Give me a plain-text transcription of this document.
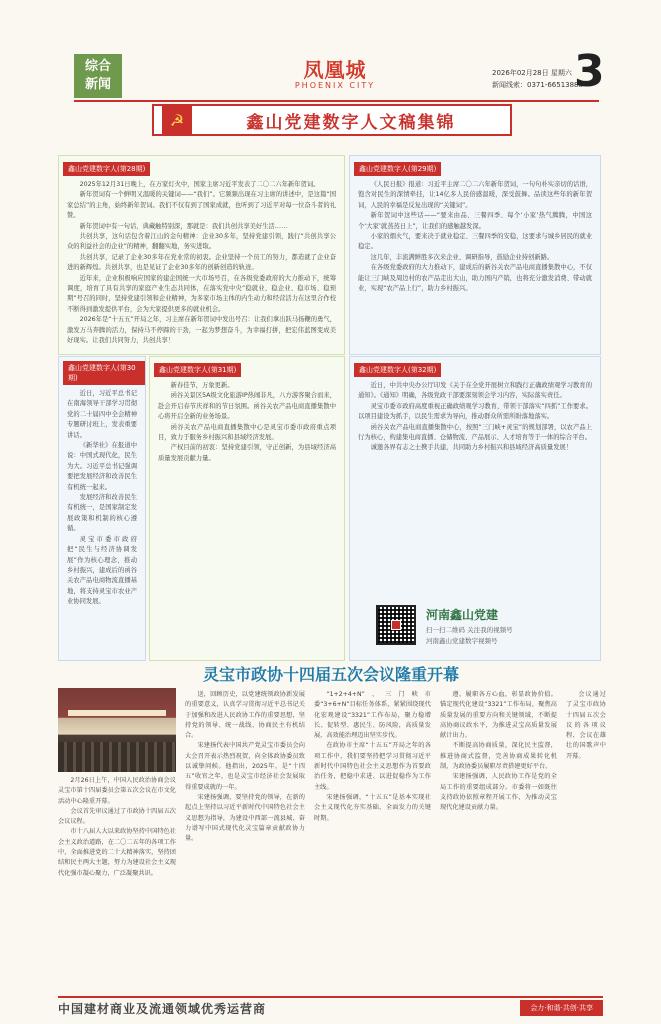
综合
新闻
凤凰城
PHOENIX CITY
2026年02月28日 星期六
新闻线索：0371-66513888
3
☭	鑫山党建数字人文稿集锦
鑫山党建数字人(第28期)

2025年12月31日晚上，在万家灯火中，国家主席习近平发表了二〇二六年新年贺词。

新年贺词有一个鲜明又温暖的关键词——“我们”。它频频出现在习主席的讲述中，是这篇“国家总结”的主角，始终新年贺词。我们不仅有到了国家成就，也听到了习近平对每一位奋斗者的礼赞。

新年贺词中有一句话，典藏触特别深，那就是：我们共创共享美好生活……

共创共享，这句话包含着江山的金句精神：企业30多年，坚持党建引领，践行“共创共享公众的利益社会的企业”的精神，翻翻实地，务实进取。

共创共享，记录了企业30多年在党业常的初衷。企业坚持一个员工的努力，都造就了企业奋进的新辉煌。共创共享，也是见证了企业30多年的创新创造的轨迹。

近年来，企业积极响应国家的建企国统一大市场号召，在各级党委政府的大力推动下，统筹调度，培育了具有共享的家庭产业生态共同体，在落实党中央“稳就业、稳企业、稳市场、稳预期”号召的同时，坚持党建引领和企业精神，为多家市场主体的内生动力和经营活力在这里合作校不断得到激发提供平台，会为大家提供更多的就业机会。

2026年是“十五五”开局之年，习主席在新年贺词中发出号召：让我们拿出跃马扬鞭的勇气，激发万马奔腾的活力，保持马不停蹄的干劲，一起为梦想奋斗，为幸福打拼，把宏伟蓝图变成美好现实。让我们共同努力，共创共享！

鑫山党建数字人(第29期)

《人民日报》报道：习近平主席二〇二六年新年贺词，一句句朴实亲切的话语，饱含对民生的深情牵挂，让14亿多人民倍感温暖，深受鼓舞。品读这些年的新年贺词，人民的幸福是反复出现的“关键词”。

新年贺词中这些话——“要来由品、三餐四季、每个‘小家’热气腾腾，中国这个‘大家’就蒸蒸日上”，让我们的感触越发深。

小家的烟火气，要来决于就业稳定、三餐四季的安稳，这要求与城乡居民的就业稳定。

这几年，丰流满鲜胜多次来企业、调研指导，鼓励企业持创新路。

在各级党委政府的大力推动下，建成后的新谷关农产品电商直播集散中心，不仅能让三门峡及周边村的农产品走出大山，助力国内产销，也将充分激发消费、带动就业，实现“农产品上行”，助力乡村振兴。

鑫山党建数字人(第30期)

近日，习近平总书记在南海领导干部学习贯彻党的二十届四中全会精神专题研讨班上，发表重要讲话。

《新华社》在报道中说：中国式现代化，民生为大。习近平总书记强调要把发展经济和改善民生有机统一起来。

发展经济和改善民生有机统一，是国家制定发展政策和机制的核心遵循。

灵宝市委市政府把“民生与经济协调发展”作为核心理念，推动乡村振兴，建成后的函谷关农产品电商物流直播基地，将支持灵宝市农业产业协同发展。

鑫山党建数字人(第31期)

新春佳节，万象更新。

函谷关景区5A级文化旅游IP热闹非凡，八方游客聚合而来，赴会开启春节庆祥和的节日氛围。函谷关农产品电商直播集散中心将开启全新的业务场景。

函谷关农产品电商直播集散中心是灵宝市委市政府重点项目，致力于服务乡村振兴和县域经济发展。

产权目前的初衷：坚持党建引领，守正创新，为县域经济高质量发展贡献力量。

鑫山党建数字人(第32期)

近日，中共中央办公厅印发《关于在全党开展树立和践行正确政绩观学习教育的通知》。《通知》明确，各级党政干部要深刻领会学习内容，实际落实责任。

灵宝市委市政府高度重视正确政绩观学习教育，带领干部落实“四抓”工作要求。以项目建设为抓手，以民生需求为导向，推动群众所需所盼落地落实。

函谷关农产品电商直播集散中心，按照“三门峡+灵宝”的规划部署，以农产品上行为核心，构建集电商直播、仓储物流、产品展示、人才培育等于一体的综合平台。

诚邀各界有志之士携手共建，共同助力乡村振兴和县域经济高质量发展！

河南鑫山党建
扫一扫二维码 关注我的视频号
河南鑫山党建数字视频号
灵宝市政协十四届五次会议隆重开幕

2月26日上午，中国人民政治协商会议灵宝市第十四届委员会第五次会议在市文化活动中心隆重开幕。

会议首先审议通过了市政协十四届五次会议议程。

市十八届人大以来政协坚持中国特色社会主义政治道路，在二〇二五年的各项工作中，全面推进党的二十大精神落实，坚持团结和民主两大主题，努力为建设社会主义现代化强市凝心聚力，广泛凝聚共识。

送，回顾历史，以党建统领政协新发展的重要意义，认真学习贯彻习近平总书记关于加强和改进人民政协工作的重要思想，坚持党的领导、统一战线、协商民主有机结合。

宋建扬代表中国共产党灵宝市委员会向大会召开表示热烈祝贺，向全体政协委员致以诚挚问候。他指出，2025年，是“十四五”收官之年，也是灵宝市经济社会发展取得重要成就的一年。

宋建扬强调，要坚持党的领导，在新的起点上坚持以习近平新时代中国特色社会主义思想为指导，为建设中西部一流县城、奋力谱写中国式现代化灵宝篇章贡献政协力量。

“1+2+4+N”、三门峡市委“3+6+N”目标任务体系，紧紧围绕现代化宏观建设“3321”工作布局，聚力稳增长、促转型、惠民生、防风险，高质量发展，高效能治理迈出坚实步伐。

在政协市主席“十五五”开局之年的各项工作中，我们要坚持把学习贯彻习近平新时代中国特色社会主义思想作为首要政治任务，把稳中求进、以进促稳作为工作主线。

宋建扬强调，“十五五”是基本实现社会主义现代化夯实基础、全面发力的关键时期。

遵，履职各方心血，彰显政协价值。锚定现代化建设“3321”工作布局，聚焦高质量发展的重要方向和关键领域，不断提高协商议政水平，为推进灵宝高质量发展献计出力。

不断提高协商质量，深化民主监督，推进协商式监督，完善协商成果转化机制，为政协委员履职尽责搭建更好平台。

宋建扬强调，人民政协工作是党的全局工作的重要组成部分。市委将一如既往支持政协依照章程开展工作，为推动灵宝现代化建设贡献力量。

会议通过了灵宝市政协十四届五次会议的各项议程，会议在雄壮的国歌声中开幕。

中国建材商业及流通领域优秀运营商	会力·和谐·共创·共享
